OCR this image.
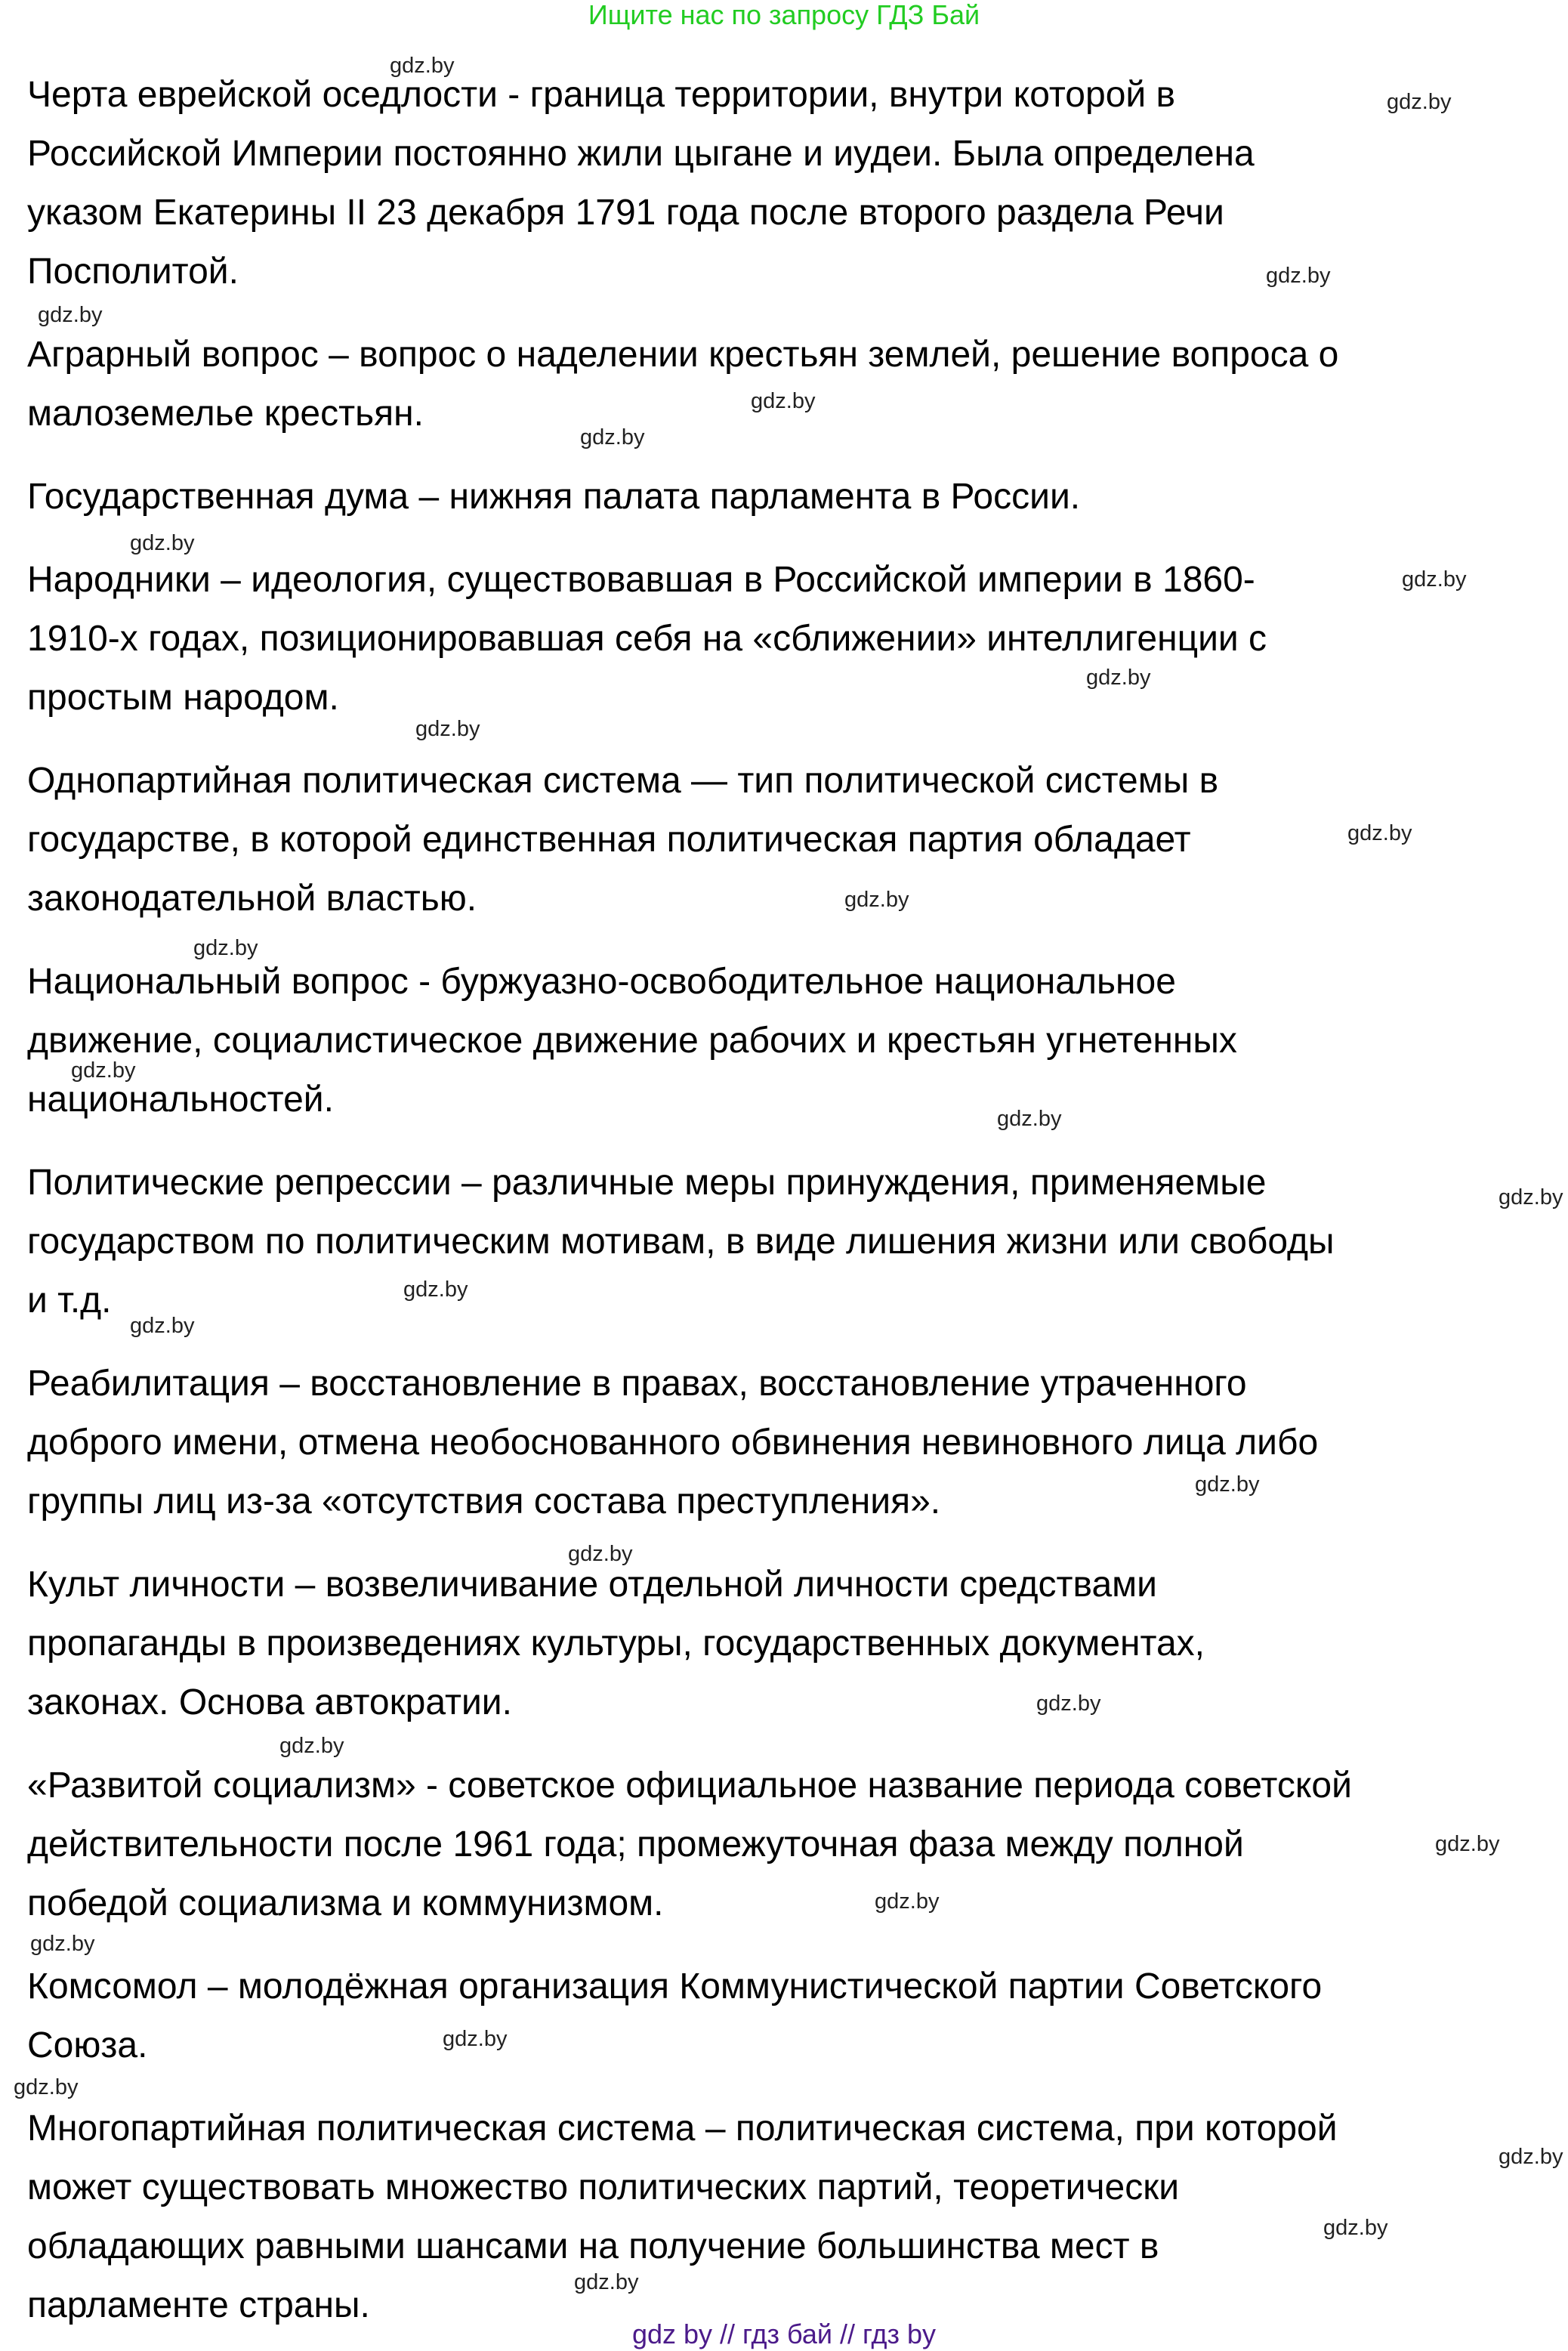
Ищите нас по запросу ГДЗ Бай
Черта еврейской оседлости - граница территории, внутри которой в
Российской Империи постоянно жили цыгане и иудеи. Была определена
указом Екатерины II 23 декабря 1791 года после второго раздела Речи
Посполитой.
Аграрный вопрос – вопрос о наделении крестьян землей, решение вопроса о
малоземелье крестьян.
Государственная дума – нижняя палата парламента в России.
Народники – идеология, существовавшая в Российской империи в 1860-
1910-х годах, позиционировавшая себя на «сближении» интеллигенции с
простым народом.
Однопартийная политическая система — тип политической системы в
государстве, в которой единственная политическая партия обладает
законодательной властью.
Национальный вопрос - буржуазно-освободительное национальное
движение, социалистическое движение рабочих и крестьян угнетенных
национальностей.
Политические репрессии – различные меры принуждения, применяемые
государством по политическим мотивам, в виде лишения жизни или свободы
и т.д.
Реабилитация – восстановление в правах, восстановление утраченного
доброго имени, отмена необоснованного обвинения невиновного лица либо
группы лиц из-за «отсутствия состава преступления».
Культ личности – возвеличивание отдельной личности средствами
пропаганды в произведениях культуры, государственных документах,
законах. Основа автократии.
«Развитой социализм» - советское официальное название периода советской
действительности после 1961 года; промежуточная фаза между полной
победой социализма и коммунизмом.
Комсомол – молодёжная организация Коммунистической партии Советского
Союза.
Многопартийная политическая система – политическая система, при которой
может существовать множество политических партий, теоретически
обладающих равными шансами на получение большинства мест в
парламенте страны.
gdz by // гдз бай // гдз by
gdz.by
gdz.by
gdz.by
gdz.by
gdz.by
gdz.by
gdz.by
gdz.by
gdz.by
gdz.by
gdz.by
gdz.by
gdz.by
gdz.by
gdz.by
gdz.by
gdz.by
gdz.by
gdz.by
gdz.by
gdz.by
gdz.by
gdz.by
gdz.by
gdz.by
gdz.by
gdz.by
gdz.by
gdz.by
gdz.by
